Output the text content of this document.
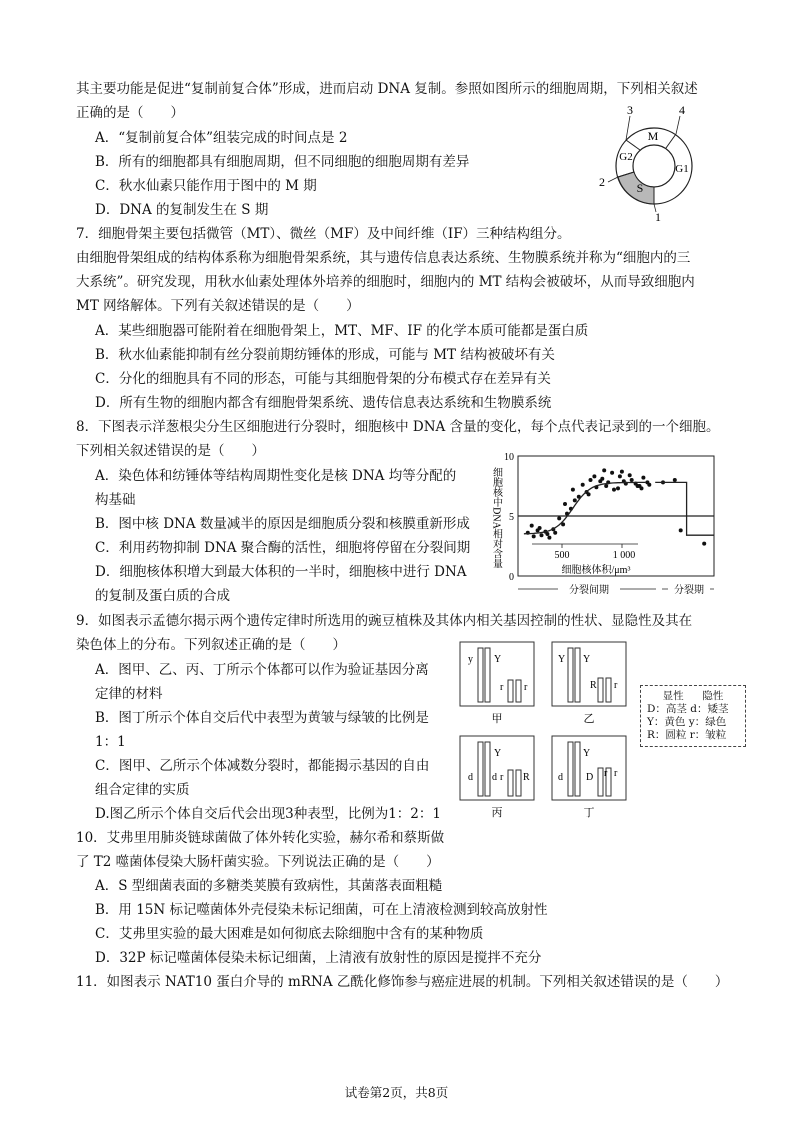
其主要功能是促进“复制前复合体”形成，进而启动 DNA 复制。参照如图所示的细胞周期，下列相关叙述
正确的是（　　）
A．“复制前复合体”组装完成的时间点是 2
B．所有的细胞都具有细胞周期，但不同细胞的细胞周期有差异
C．秋水仙素只能作用于图中的 M 期
D．DNA 的复制发生在 S 期
3	4
M
G2
G1
S
2
1
7．细胞骨架主要包括微管（MT）、微丝（MF）及中间纤维（IF）三种结构组分。
由细胞骨架组成的结构体系称为细胞骨架系统，其与遗传信息表达系统、生物膜系统并称为“细胞内的三
大系统”。研究发现，用秋水仙素处理体外培养的细胞时，细胞内的 MT 结构会被破坏，从而导致细胞内
MT 网络解体。下列有关叙述错误的是（　　）
A．某些细胞器可能附着在细胞骨架上，MT、MF、IF 的化学本质可能都是蛋白质
B．秋水仙素能抑制有丝分裂前期纺锤体的形成，可能与 MT 结构被破坏有关
C．分化的细胞具有不同的形态，可能与其细胞骨架的分布模式存在差异有关
D．所有生物的细胞内都含有细胞骨架系统、遗传信息表达系统和生物膜系统
8．下图表示洋葱根尖分生区细胞进行分裂时，细胞核中 DNA 含量的变化，每个点代表记录到的一个细胞。
下列相关叙述错误的是（　　）
A．染色体和纺锤体等结构周期性变化是核 DNA 均等分配的
构基础
B．图中核 DNA 数量减半的原因是细胞质分裂和核膜重新形成
C．利用药物抑制 DNA 聚合酶的活性，细胞将停留在分裂间期
D．细胞核体积增大到最大体积的一半时，细胞核中进行 DNA
的复制及蛋白质的合成
细胞核中DNA相对含量
0
5
10
500	1 000
细胞核体积/μm³
分裂间期	分裂期
9．如图表示孟德尔揭示两个遗传定律时所选用的豌豆植株及其体内相关基因控制的性状、显隐性及其在
染色体上的分布。下列叙述正确的是（　　）
A．图甲、乙、丙、丁所示个体都可以作为验证基因分离
定律的材料
B．图丁所示个体自交后代中表型为黄皱与绿皱的比例是
1：1
C．图甲、乙所示个体减数分裂时，都能揭示基因的自由
组合定律的实质
D.图乙所示个体自交后代会出现3种表型，比例为1：2：1
y Y
r r
甲
Y Y
R r
乙
Y
d d r R
丙
Y
d D r r
丁
显性 隐性
D：高茎 d：矮茎
Y：黄色 y：绿色
R：圆粒 r：皱粒
10．艾弗里用肺炎链球菌做了体外转化实验，赫尔希和蔡斯做
了 T2 噬菌体侵染大肠杆菌实验。下列说法正确的是（　　）
A．S 型细菌表面的多糖类荚膜有致病性，其菌落表面粗糙
B．用 15N 标记噬菌体外壳侵染未标记细菌，可在上清液检测到较高放射性
C．艾弗里实验的最大困难是如何彻底去除细胞中含有的某种物质
D．32P 标记噬菌体侵染未标记细菌，上清液有放射性的原因是搅拌不充分
11．如图表示 NAT10 蛋白介导的 mRNA 乙酰化修饰参与癌症进展的机制。下列相关叙述错误的是（　　）
试卷第2页，共8页
